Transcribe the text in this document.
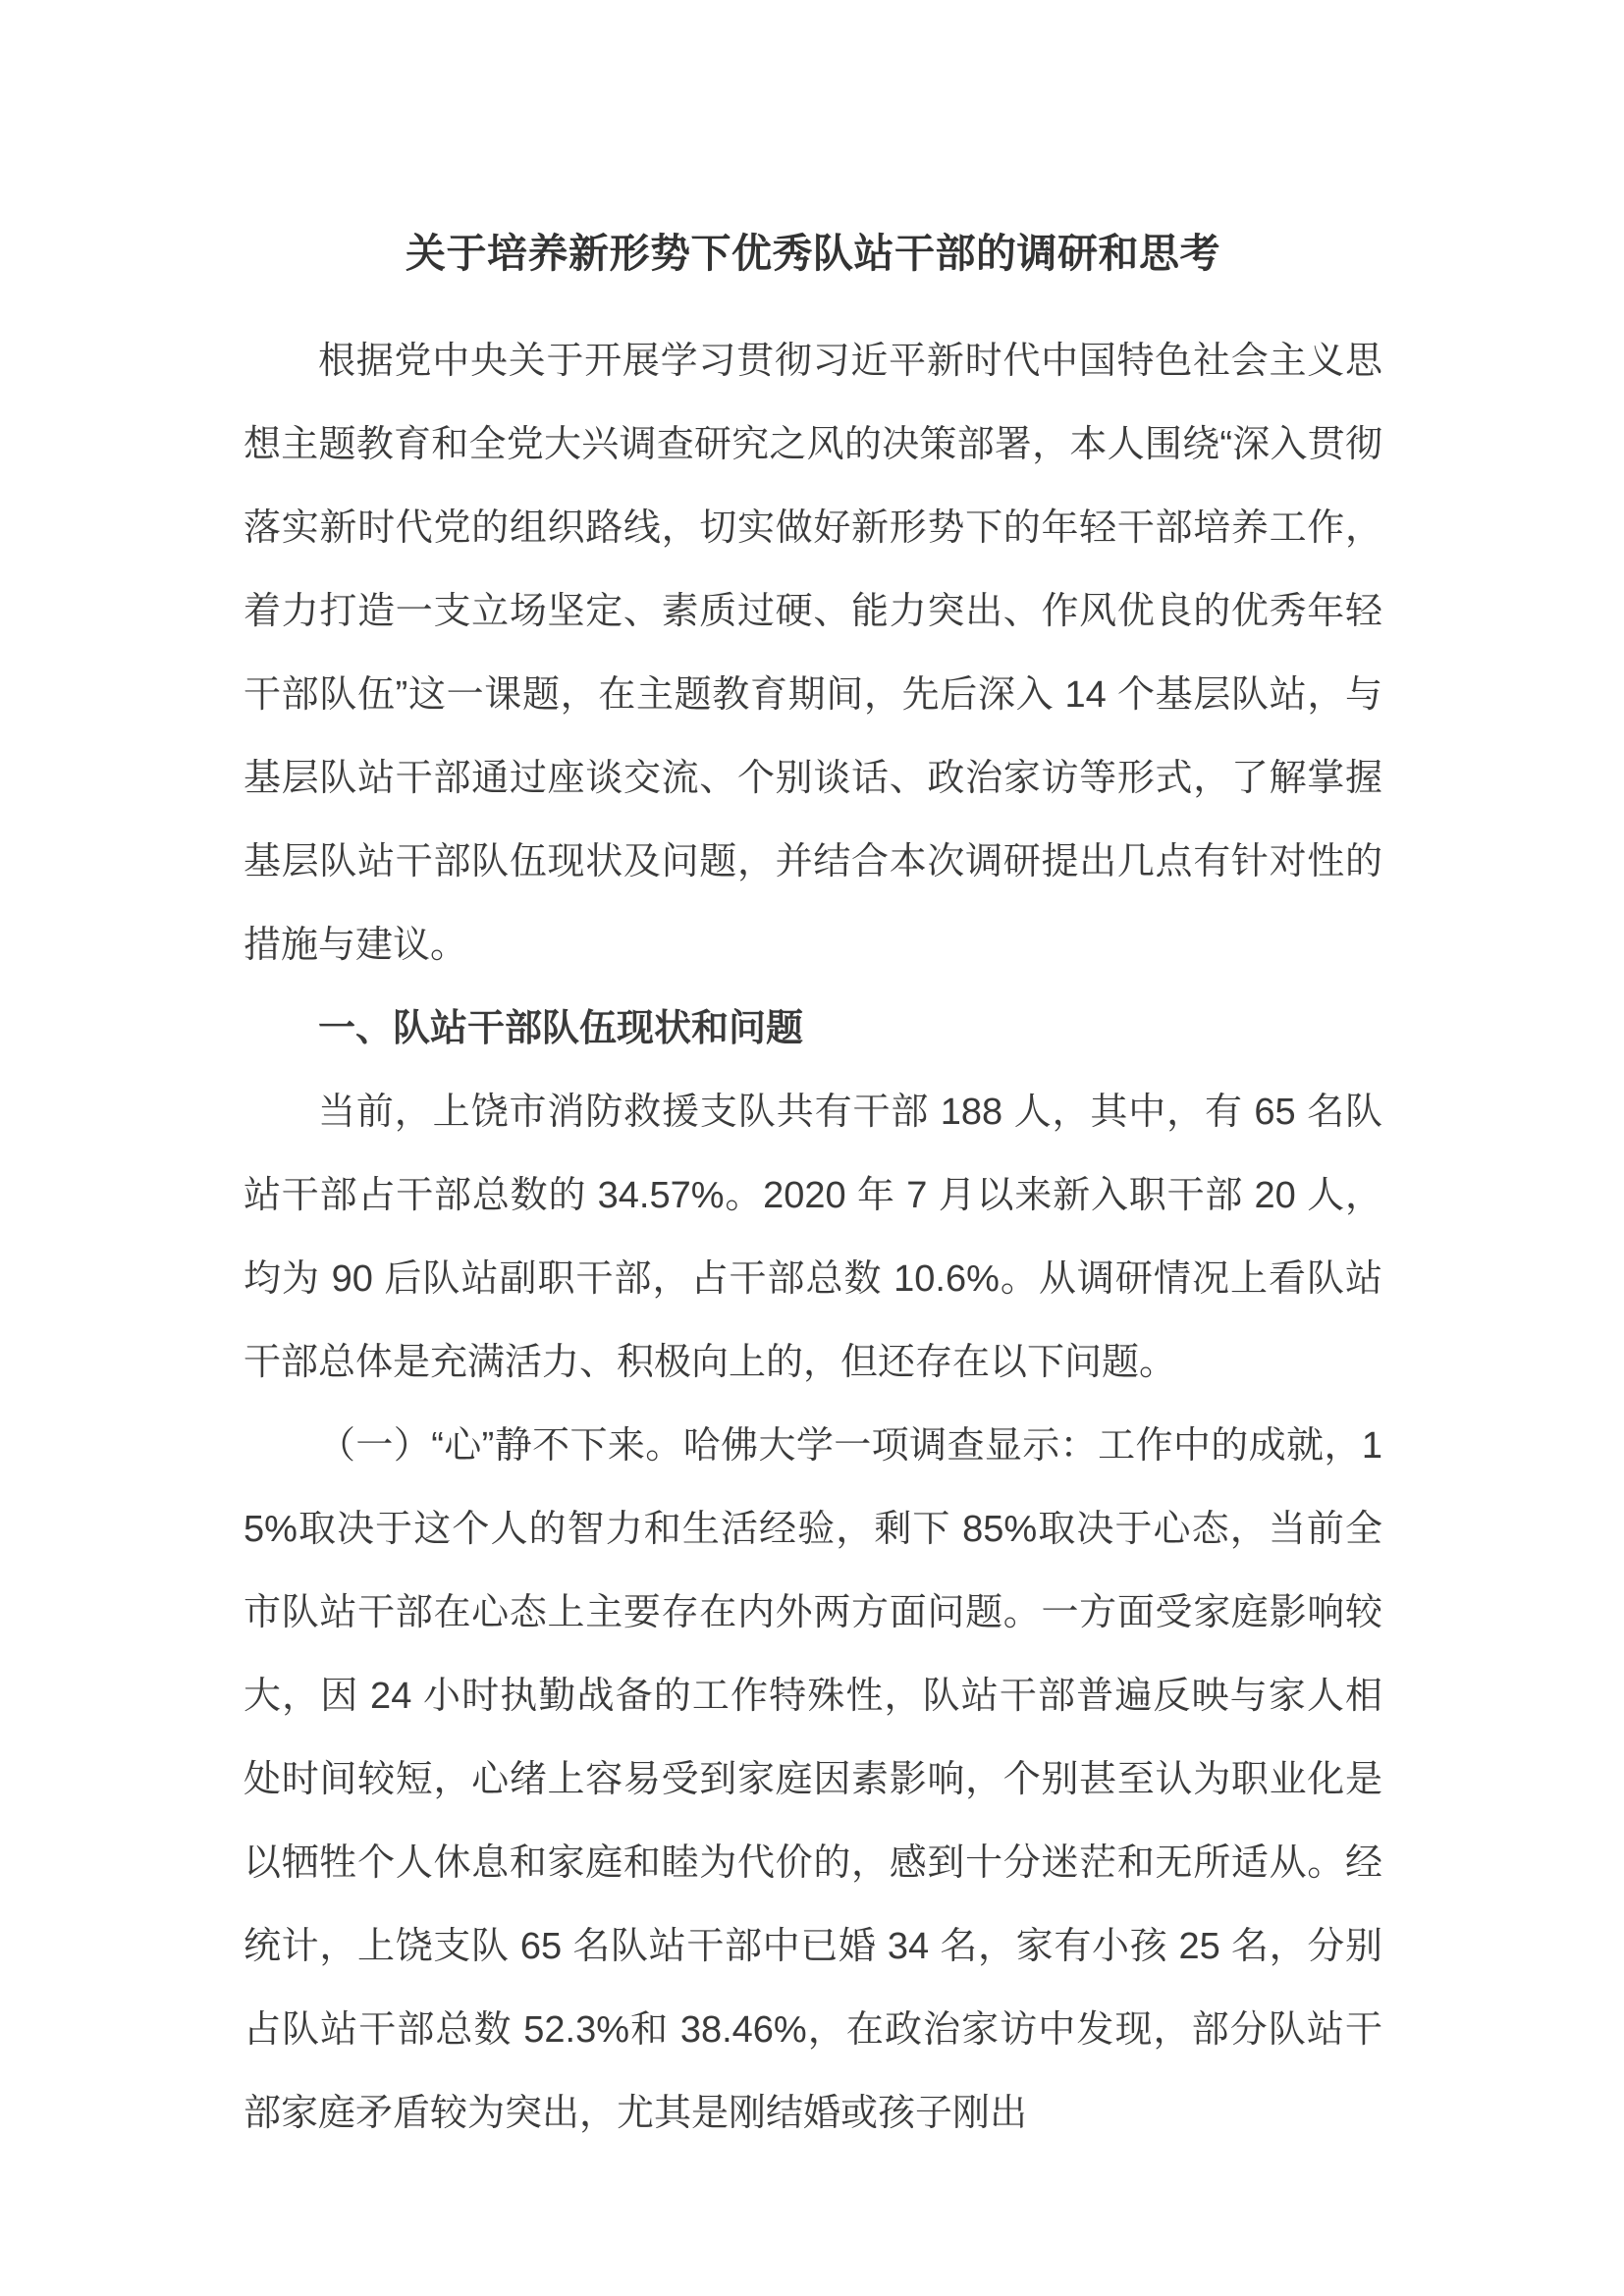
关于培养新形势下优秀队站干部的调研和思考

根据党中央关于开展学习贯彻习近平新时代中国特色社会主义思想主题教育和全党大兴调查研究之风的决策部署，本人围绕“深入贯彻落实新时代党的组织路线，切实做好新形势下的年轻干部培养工作，着力打造一支立场坚定、素质过硬、能力突出、作风优良的优秀年轻干部队伍”这一课题，在主题教育期间，先后深入 14 个基层队站，与基层队站干部通过座谈交流、个别谈话、政治家访等形式，了解掌握基层队站干部队伍现状及问题，并结合本次调研提出几点有针对性的措施与建议。

一、队站干部队伍现状和问题

当前，上饶市消防救援支队共有干部 188 人，其中，有 65 名队站干部占干部总数的 34.57%。2020 年 7 月以来新入职干部 20 人，均为 90 后队站副职干部，占干部总数 10.6%。从调研情况上看队站干部总体是充满活力、积极向上的，但还存在以下问题。

（一）“心”静不下来。哈佛大学一项调查显示：工作中的成就，15%取决于这个人的智力和生活经验，剩下 85%取决于心态，当前全市队站干部在心态上主要存在内外两方面问题。一方面受家庭影响较大，因 24 小时执勤战备的工作特殊性，队站干部普遍反映与家人相处时间较短，心绪上容易受到家庭因素影响，个别甚至认为职业化是以牺牲个人休息和家庭和睦为代价的，感到十分迷茫和无所适从。经统计，上饶支队 65 名队站干部中已婚 34 名，家有小孩 25 名，分别占队站干部总数 52.3%和 38.46%，在政治家访中发现，部分队站干部家庭矛盾较为突出，尤其是刚结婚或孩子刚出
